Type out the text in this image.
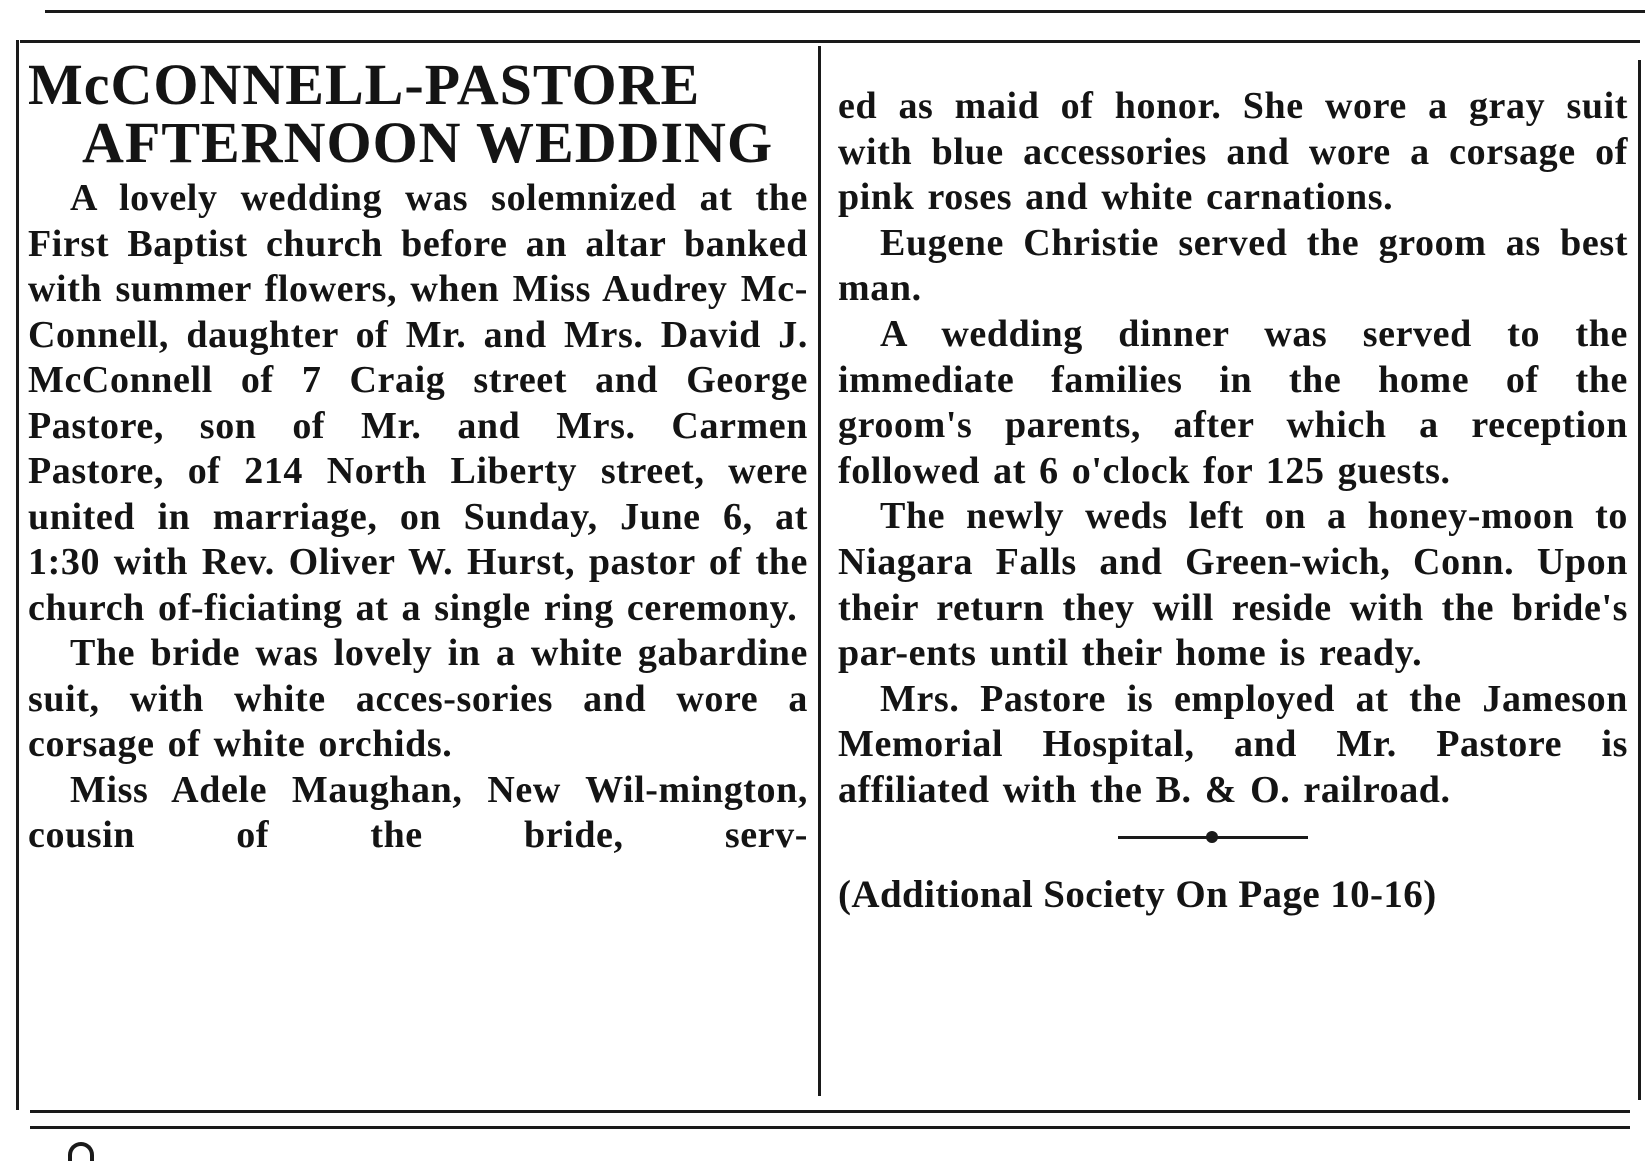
McCONNELL-PASTORE
AFTERNOON WEDDING

A lovely wedding was solemnized at the First Baptist church before an altar banked with summer flowers, when Miss Audrey Mc-Connell, daughter of Mr. and Mrs. David J. McConnell of 7 Craig street and George Pastore, son of Mr. and Mrs. Carmen Pastore, of 214 North Liberty street, were united in marriage, on Sunday, June 6, at 1:30 with Rev. Oliver W. Hurst, pastor of the church of-ficiating at a single ring ceremony.

The bride was lovely in a white gabardine suit, with white acces-sories and wore a corsage of white orchids.

Miss Adele Maughan, New Wil-mington, cousin of the bride, serv-

ed as maid of honor. She wore a gray suit with blue accessories and wore a corsage of pink roses and white carnations.

Eugene Christie served the groom as best man.

A wedding dinner was served to the immediate families in the home of the groom's parents, after which a reception followed at 6 o'clock for 125 guests.

The newly weds left on a honey-moon to Niagara Falls and Green-wich, Conn. Upon their return they will reside with the bride's par-ents until their home is ready.

Mrs. Pastore is employed at the Jameson Memorial Hospital, and Mr. Pastore is affiliated with the B. & O. railroad.

(Additional Society On Page 10-16)
